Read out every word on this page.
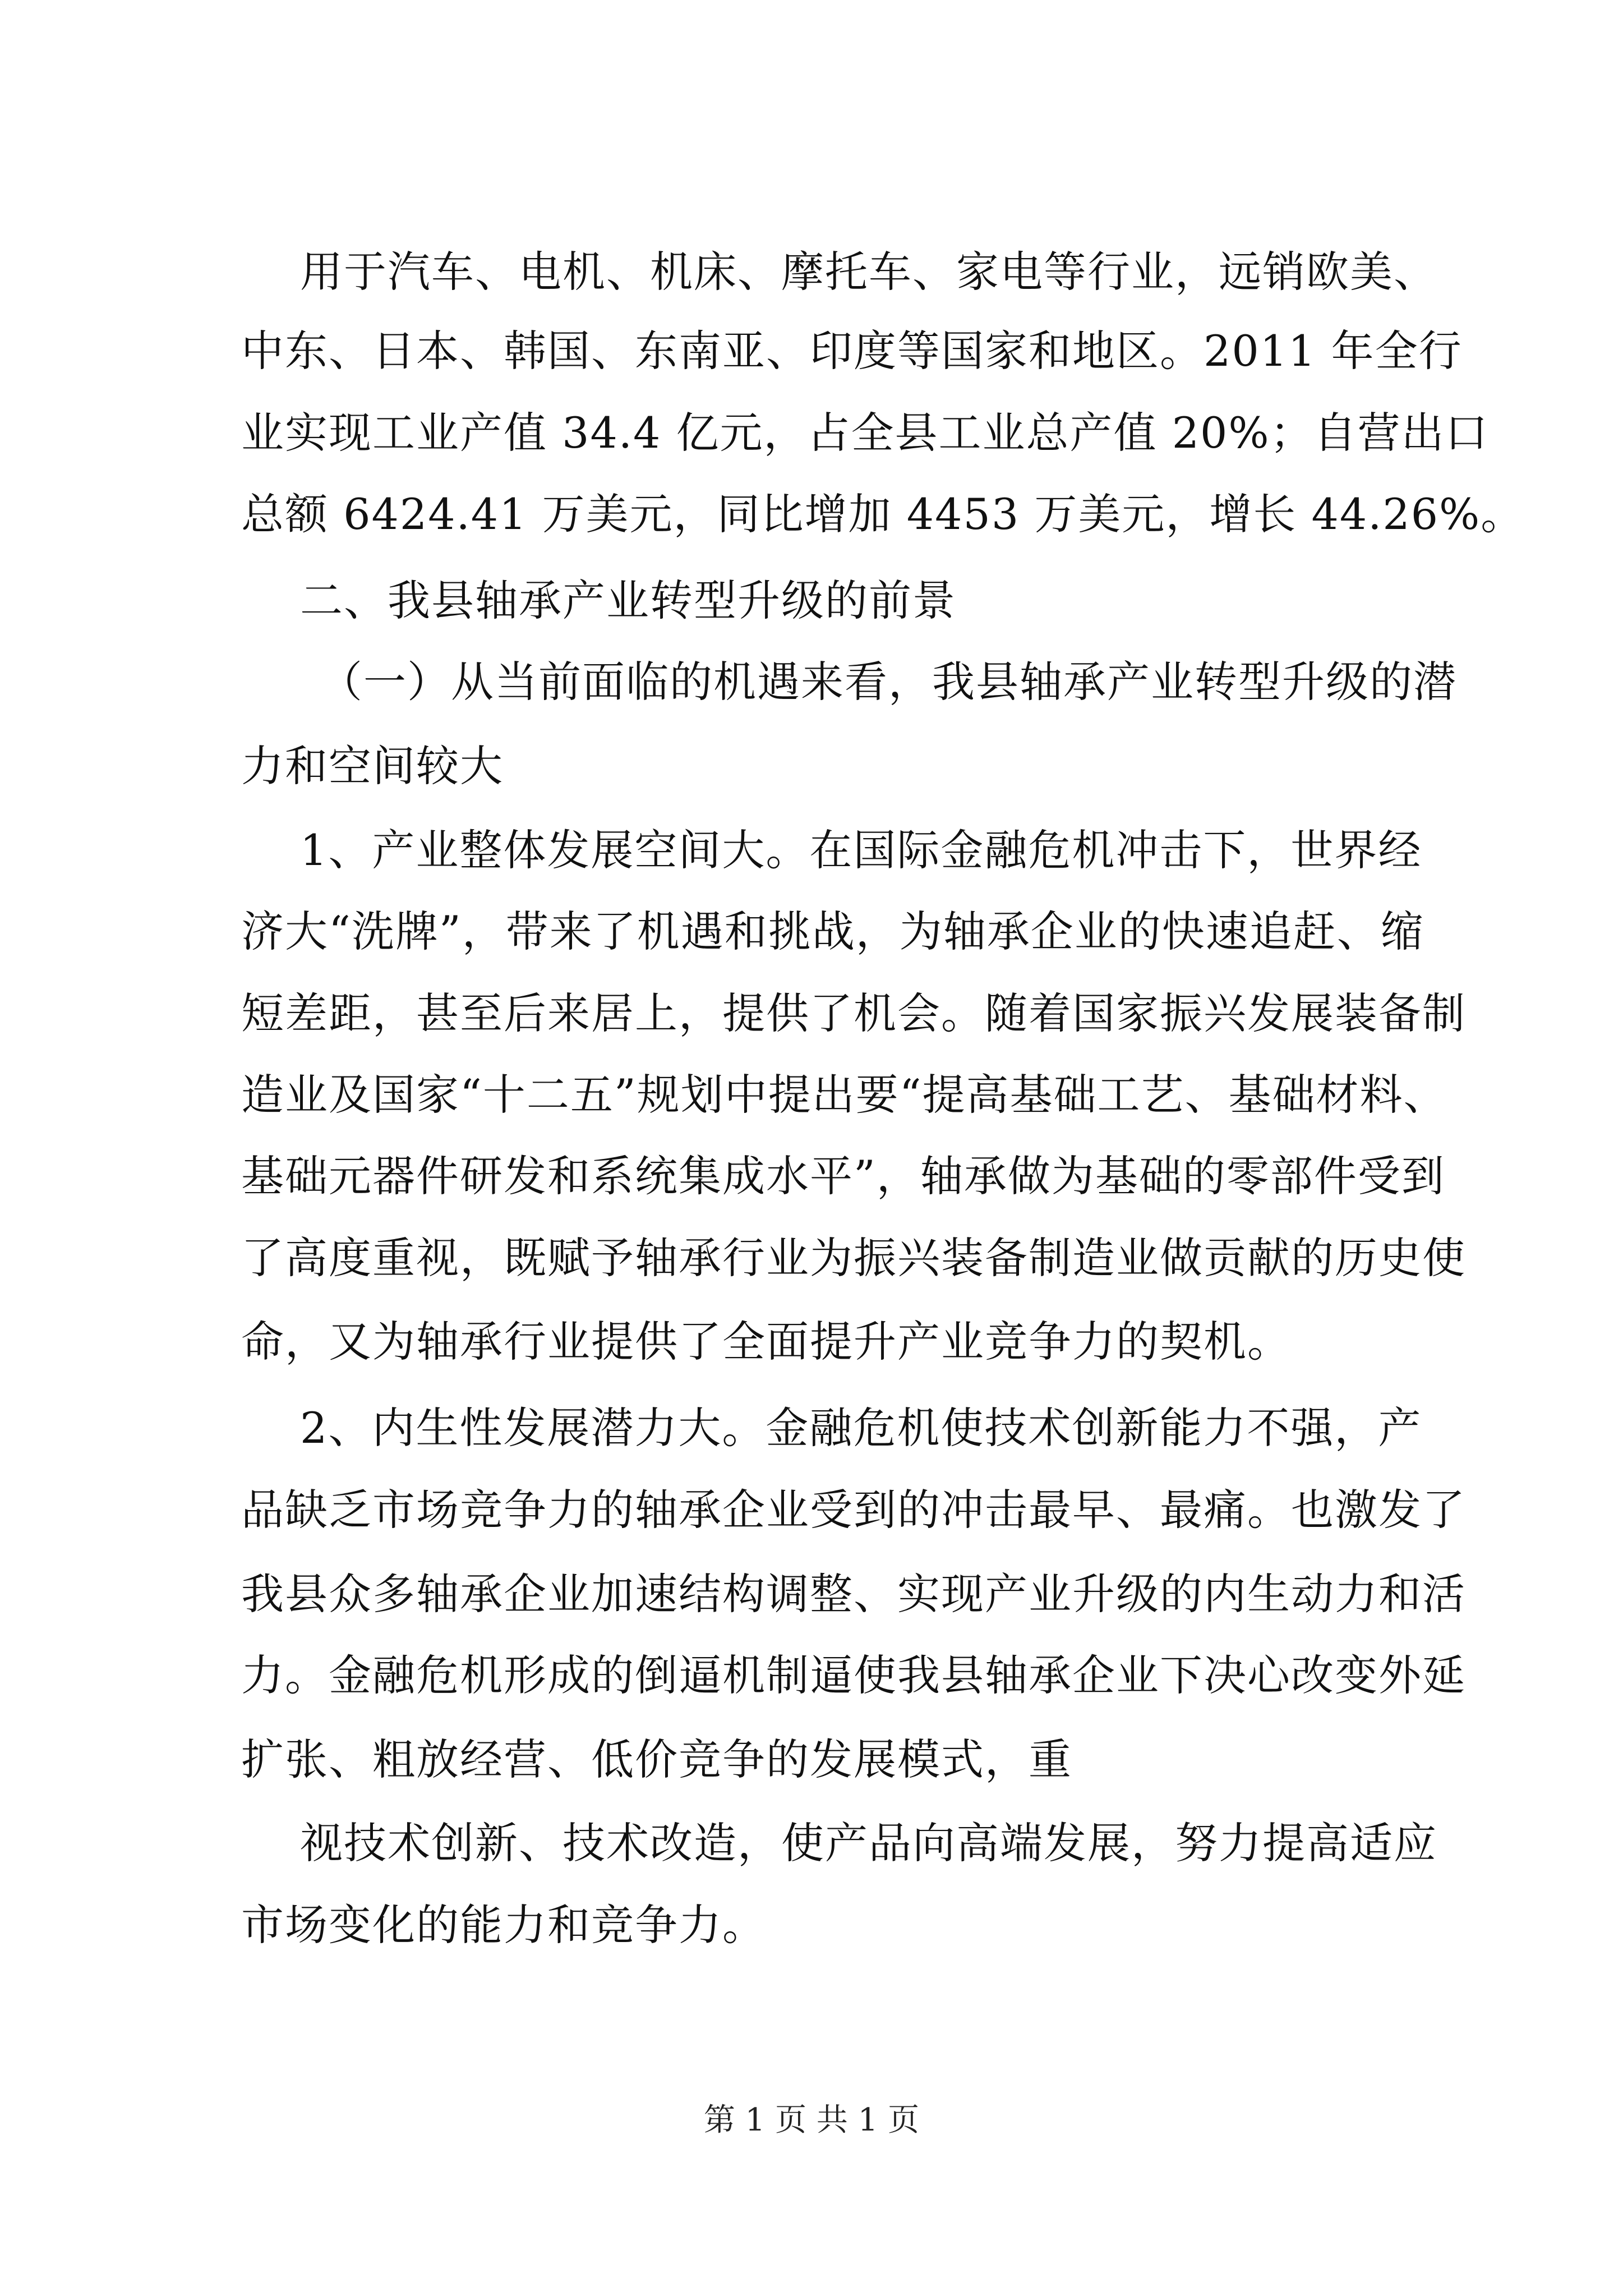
用于汽车、电机、机床、摩托车、家电等行业，远销欧美、
中东、日本、韩国、东南亚、印度等国家和地区。2011 年全行
业实现工业产值 34.4 亿元，占全县工业总产值 20%；自营出口
总额 6424.41 万美元，同比增加 4453 万美元，增长 44.26%。
二、我县轴承产业转型升级的前景
（一）从当前面临的机遇来看，我县轴承产业转型升级的潜
力和空间较大
1、产业整体发展空间大。在国际金融危机冲击下，世界经
济大“洗牌”，带来了机遇和挑战，为轴承企业的快速追赶、缩
短差距，甚至后来居上，提供了机会。随着国家振兴发展装备制
造业及国家“十二五”规划中提出要“提高基础工艺、基础材料、
基础元器件研发和系统集成水平”，轴承做为基础的零部件受到
了高度重视，既赋予轴承行业为振兴装备制造业做贡献的历史使
命，又为轴承行业提供了全面提升产业竞争力的契机。
2、内生性发展潜力大。金融危机使技术创新能力不强，产
品缺乏市场竞争力的轴承企业受到的冲击最早、最痛。也激发了
我县众多轴承企业加速结构调整、实现产业升级的内生动力和活
力。金融危机形成的倒逼机制逼使我县轴承企业下决心改变外延
扩张、粗放经营、低价竞争的发展模式，重
视技术创新、技术改造，使产品向高端发展，努力提高适应
市场变化的能力和竞争力。
第 1 页 共 1 页
